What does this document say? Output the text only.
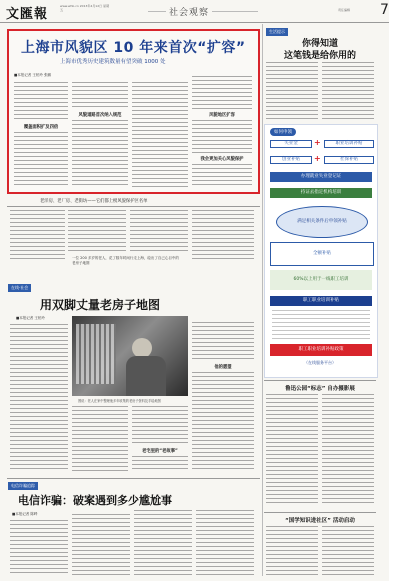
文匯報
www.whb.cn 2013年4月12日 星期五	社会观察	责任编辑 7
上海市风貌区 10 年来首次“扩容”
上海市优秀历史建筑数量有望突破 1000 处
■本报记者 王柏玲 张鹏
覆盖面积扩及四倍
风貌道路首次纳入规范	风貌地区扩容
我会更加关心风貌保护
老洋房、老厂房、老街坊——它们都上榜风貌保护区名单
一位 200 多岁的老人，花了数年时间行走上海，绘出了自己心目中的老房子地图
在线·社会
用双脚丈量老房子地图
■本报记者 王柏玲
图说：老人在家中整理他多年收集的老房子资料及手绘地图
他的愿望
老宅里的“老故事”
电信诈骗追踪
电信诈骗：破案遇到多少尴尬事
■本报记者 陈晔
生活提示
你得知道
这笔钱是给你用的
如何申领
失业金	+	职业培训补贴
创业补贴	+	社保补贴
办理就业失业登记证
持证去指定机构培训
满足相关条件后申领补贴
全额补贴
60%以上用于一线职工培训
职工职业培训补贴
职工职业培训补贴政策
（在线服务平台）
鲁迅公园“标志” 自办摄影展
“国学知识进社区” 活动启动
